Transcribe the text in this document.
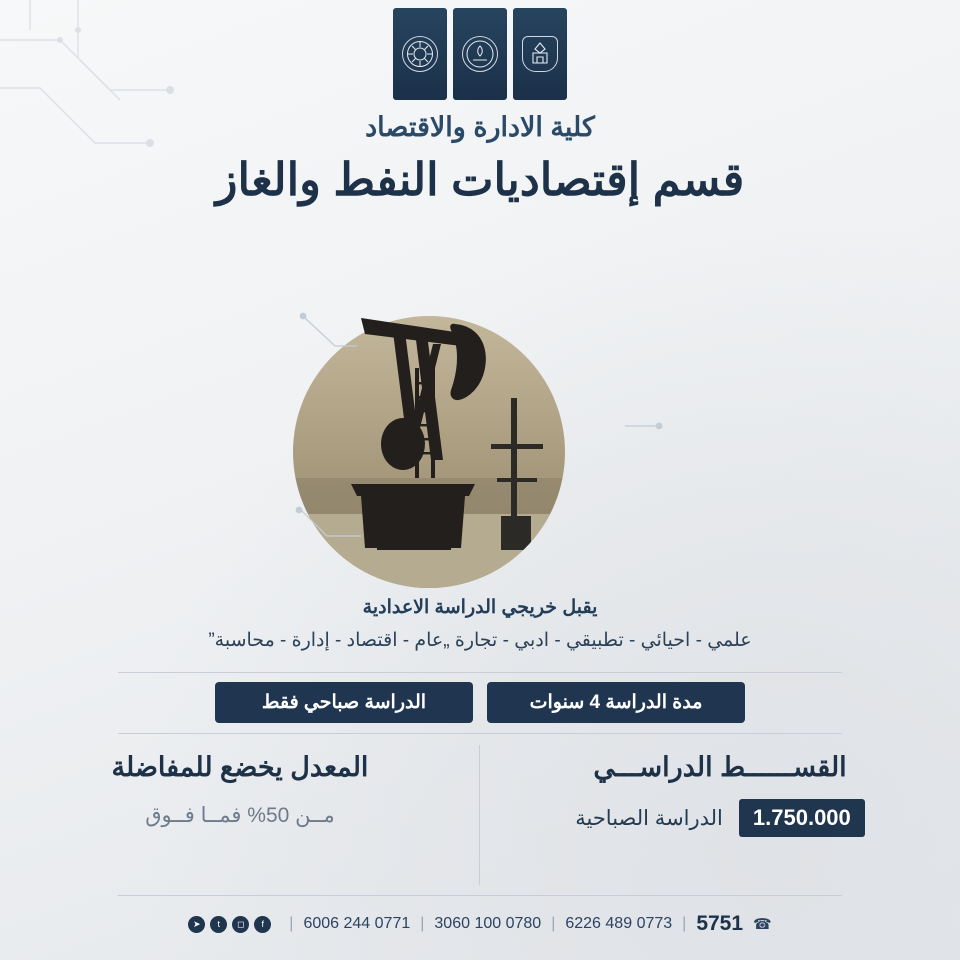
كلية الادارة والاقتصاد
قسم إقتصاديات النفط والغاز
يقبل خريجي الدراسة الاعدادية
علمي - احيائي - تطبيقي - ادبي - تجارة „عام - اقتصاد - إدارة - محاسبة”
مدة الدراسة 4 سنوات
الدراسة صباحي فقط
القســــــط الدراســـي
1.750.000
الدراسة الصباحية
المعدل يخضع للمفاضلة
مــن 50% فمــا فــوق
☎
5751
|
0773 489 6226
|
0780 100 3060
|
0771 244 6006
|
f
◻
t
➤
